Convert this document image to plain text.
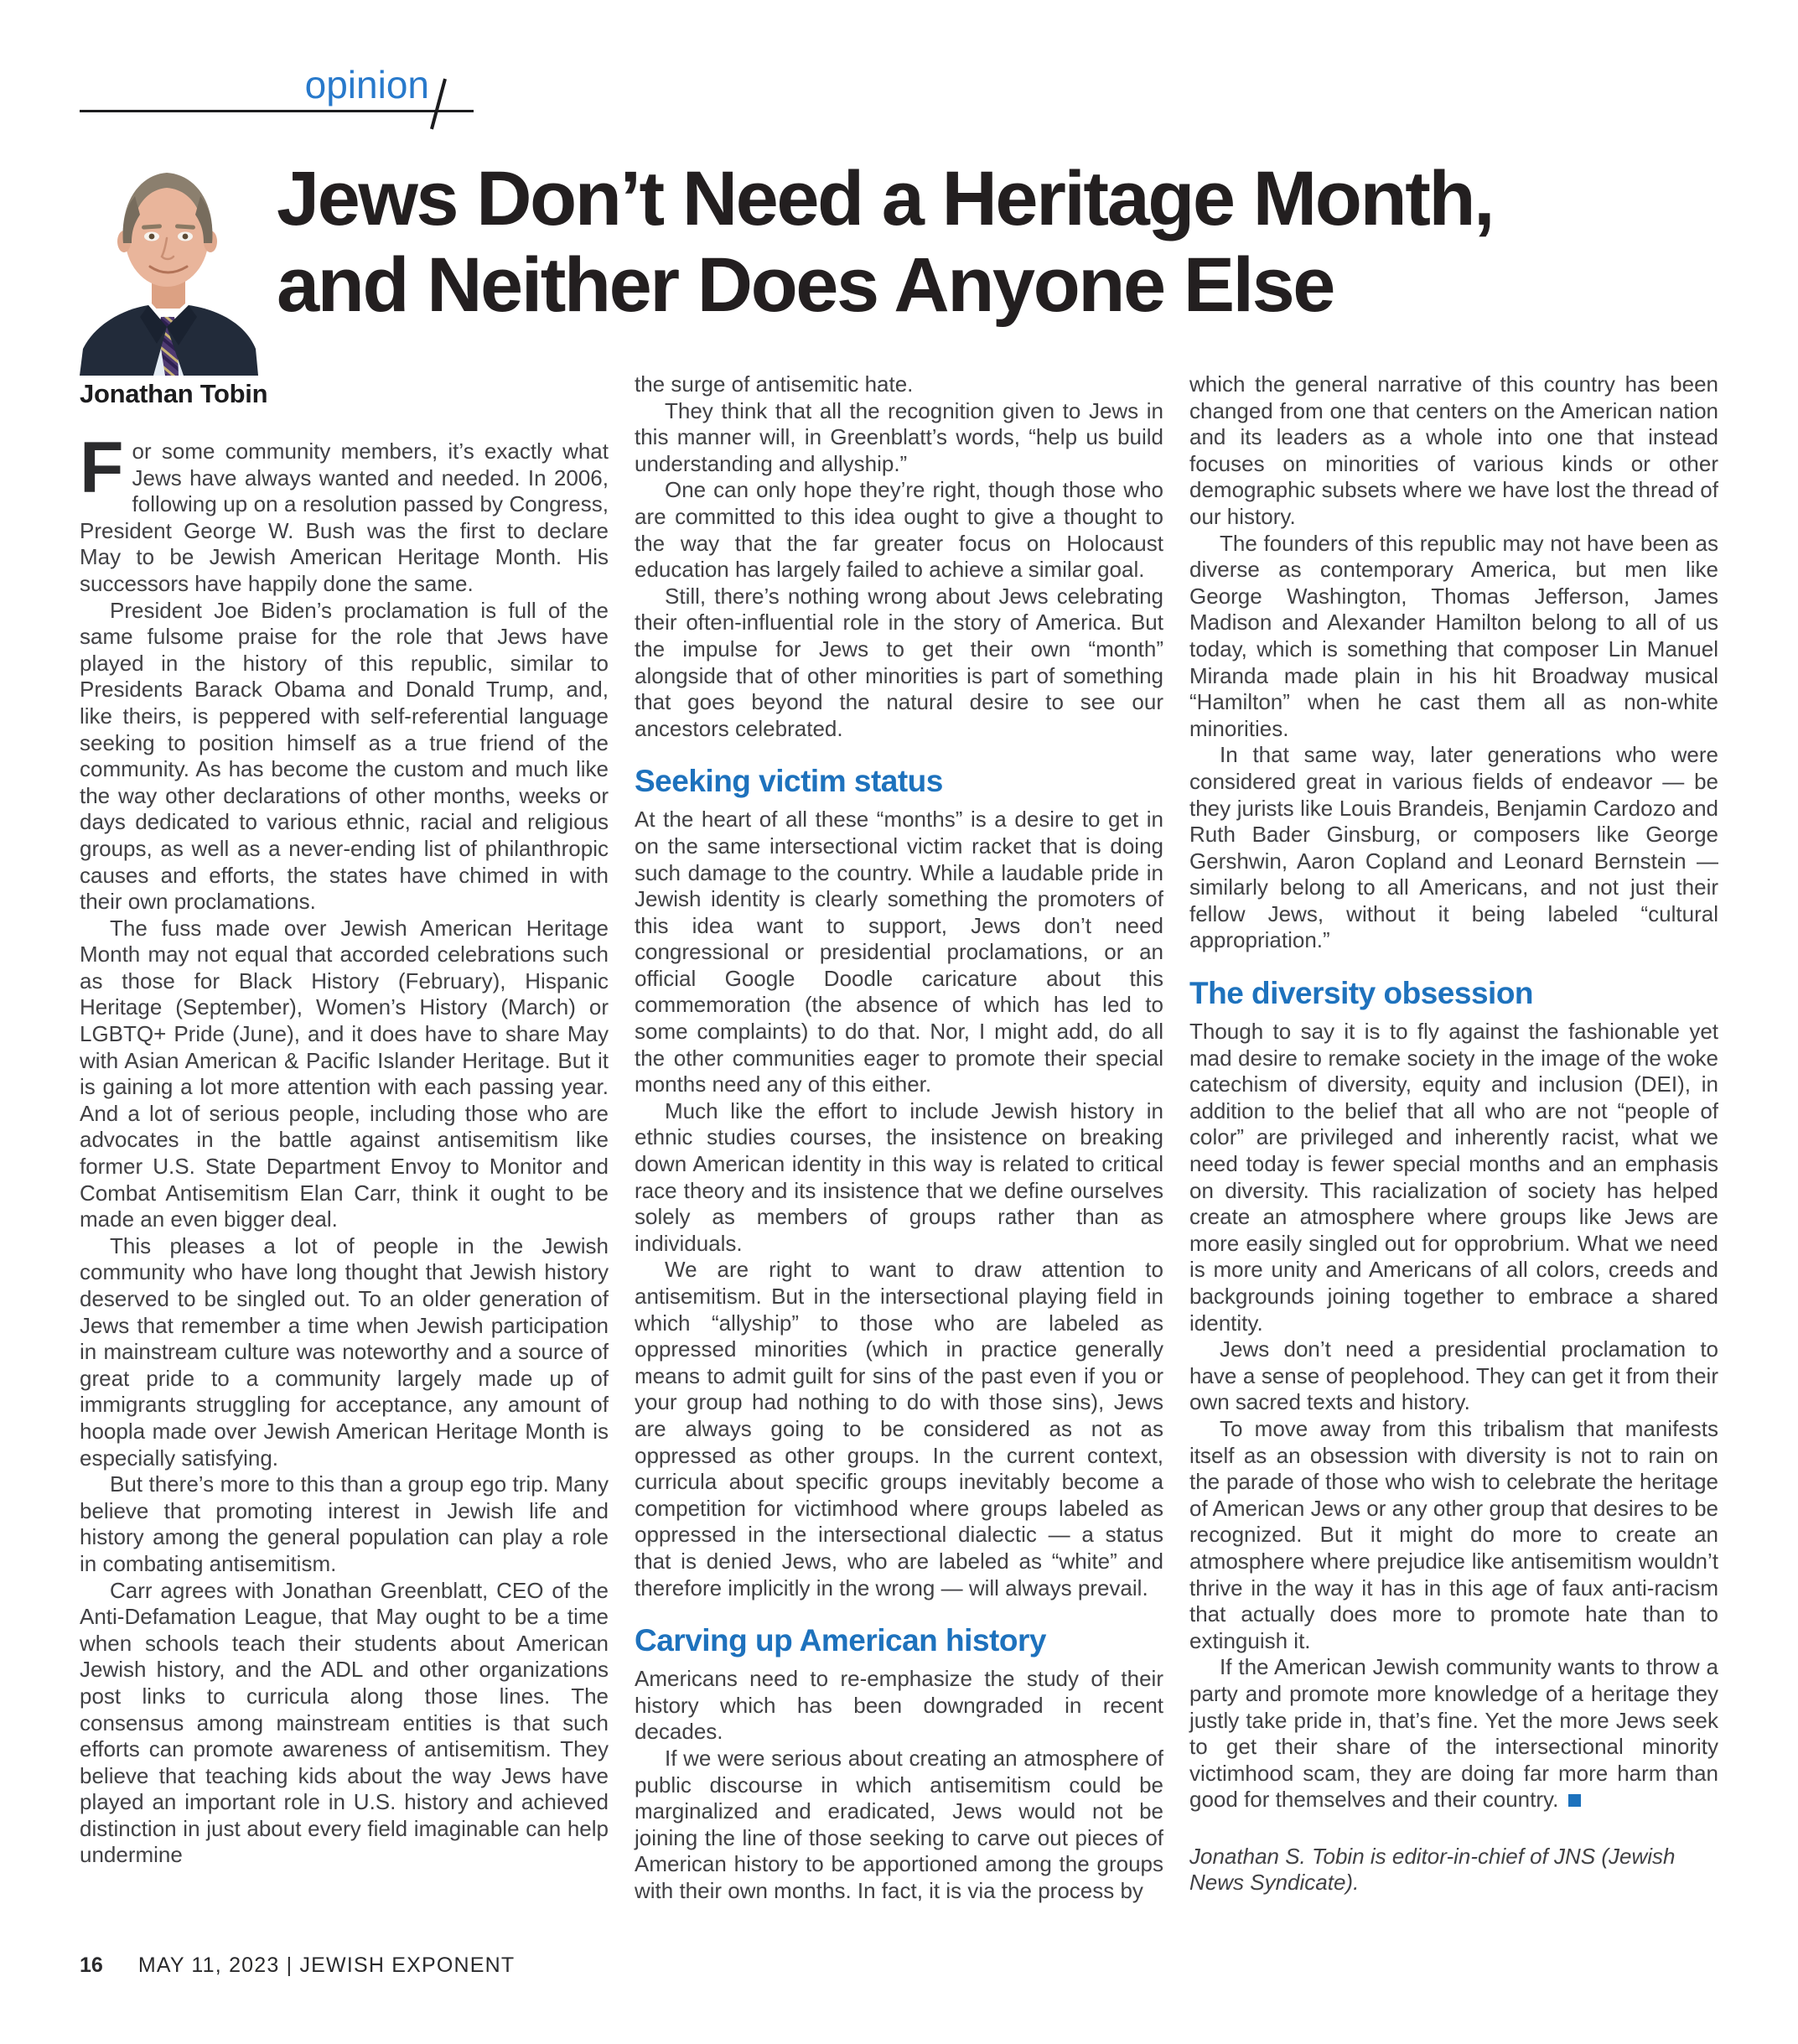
opinion
Jews Don’t Need a Heritage Month,
and Neither Does Anyone Else
Jonathan Tobin

For some community members, it’s exactly what Jews have always wanted and needed. In 2006, following up on a resolution passed by Congress, President George W. Bush was the first to declare May to be Jewish American Heritage Month. His successors have happily done the same.

President Joe Biden’s proclamation is full of the same fulsome praise for the role that Jews have played in the history of this republic, similar to Presidents Barack Obama and Donald Trump, and, like theirs, is peppered with self-referential language seeking to position himself as a true friend of the community. As has become the custom and much like the way other declarations of other months, weeks or days dedicated to various ethnic, racial and religious groups, as well as a never-ending list of philanthropic causes and efforts, the states have chimed in with their own proclamations.

The fuss made over Jewish American Heritage Month may not equal that accorded celebrations such as those for Black History (February), Hispanic Heritage (September), Women’s History (March) or LGBTQ+ Pride (June), and it does have to share May with Asian American & Pacific Islander Heritage. But it is gaining a lot more attention with each passing year. And a lot of serious people, including those who are advocates in the battle against antisemitism like former U.S. State Department Envoy to Monitor and Combat Antisemitism Elan Carr, think it ought to be made an even bigger deal.

This pleases a lot of people in the Jewish community who have long thought that Jewish history deserved to be singled out. To an older generation of Jews that remember a time when Jewish participation in mainstream culture was noteworthy and a source of great pride to a community largely made up of immigrants struggling for acceptance, any amount of hoopla made over Jewish American Heritage Month is especially satisfying.

But there’s more to this than a group ego trip. Many believe that promoting interest in Jewish life and history among the general population can play a role in combating antisemitism.

Carr agrees with Jonathan Greenblatt, CEO of the Anti-Defamation League, that May ought to be a time when schools teach their students about American Jewish history, and the ADL and other organizations post links to curricula along those lines. The consensus among mainstream entities is that such efforts can promote awareness of antisemitism. They believe that teaching kids about the way Jews have played an important role in U.S. history and achieved distinction in just about every field imaginable can help undermine

the surge of antisemitic hate.

They think that all the recognition given to Jews in this manner will, in Greenblatt’s words, “help us build understanding and allyship.”

One can only hope they’re right, though those who are committed to this idea ought to give a thought to the way that the far greater focus on Holocaust education has largely failed to achieve a similar goal.

Still, there’s nothing wrong about Jews celebrating their often-influential role in the story of America. But the impulse for Jews to get their own “month” alongside that of other minorities is part of something that goes beyond the natural desire to see our ancestors celebrated.

Seeking victim status

At the heart of all these “months” is a desire to get in on the same intersectional victim racket that is doing such damage to the country. While a laudable pride in Jewish identity is clearly something the promoters of this idea want to support, Jews don’t need congressional or presidential proclamations, or an official Google Doodle caricature about this commemoration (the absence of which has led to some complaints) to do that. Nor, I might add, do all the other communities eager to promote their special months need any of this either.

Much like the effort to include Jewish history in ethnic studies courses, the insistence on breaking down American identity in this way is related to critical race theory and its insistence that we define ourselves solely as members of groups rather than as individuals.

We are right to want to draw attention to antisemitism. But in the intersectional playing field in which “allyship” to those who are labeled as oppressed minorities (which in practice generally means to admit guilt for sins of the past even if you or your group had nothing to do with those sins), Jews are always going to be considered as not as oppressed as other groups. In the current context, curricula about specific groups inevitably become a competition for victimhood where groups labeled as oppressed in the intersectional dialectic — a status that is denied Jews, who are labeled as “white” and therefore implicitly in the wrong — will always prevail.

Carving up American history

Americans need to re-emphasize the study of their history which has been downgraded in recent decades.

If we were serious about creating an atmosphere of public discourse in which antisemitism could be marginalized and eradicated, Jews would not be joining the line of those seeking to carve out pieces of American history to be apportioned among the groups with their own months. In fact, it is via the process by

which the general narrative of this country has been changed from one that centers on the American nation and its leaders as a whole into one that instead focuses on minorities of various kinds or other demographic subsets where we have lost the thread of our history.

The founders of this republic may not have been as diverse as contemporary America, but men like George Washington, Thomas Jefferson, James Madison and Alexander Hamilton belong to all of us today, which is something that composer Lin Manuel Miranda made plain in his hit Broadway musical “Hamilton” when he cast them all as non-white minorities.

In that same way, later generations who were considered great in various fields of endeavor — be they jurists like Louis Brandeis, Benjamin Cardozo and Ruth Bader Ginsburg, or composers like George Gershwin, Aaron Copland and Leonard Bernstein — similarly belong to all Americans, and not just their fellow Jews, without it being labeled “cultural appropriation.”

The diversity obsession

Though to say it is to fly against the fashionable yet mad desire to remake society in the image of the woke catechism of diversity, equity and inclusion (DEI), in addition to the belief that all who are not “people of color” are privileged and inherently racist, what we need today is fewer special months and an emphasis on diversity. This racialization of society has helped create an atmosphere where groups like Jews are more easily singled out for opprobrium. What we need is more unity and Americans of all colors, creeds and backgrounds joining together to embrace a shared identity.

Jews don’t need a presidential proclamation to have a sense of peoplehood. They can get it from their own sacred texts and history.

To move away from this tribalism that manifests itself as an obsession with diversity is not to rain on the parade of those who wish to celebrate the heritage of American Jews or any other group that desires to be recognized. But it might do more to create an atmosphere where prejudice like antisemitism wouldn’t thrive in the way it has in this age of faux anti-racism that actually does more to promote hate than to extinguish it.

If the American Jewish community wants to throw a party and promote more knowledge of a heritage they justly take pride in, that’s fine. Yet the more Jews seek to get their share of the intersectional minority victimhood scam, they are doing far more harm than good for themselves and their country.

Jonathan S. Tobin is editor-in-chief of JNS (Jewish News Syndicate).

16 MAY 11, 2023 | JEWISH EXPONENT
